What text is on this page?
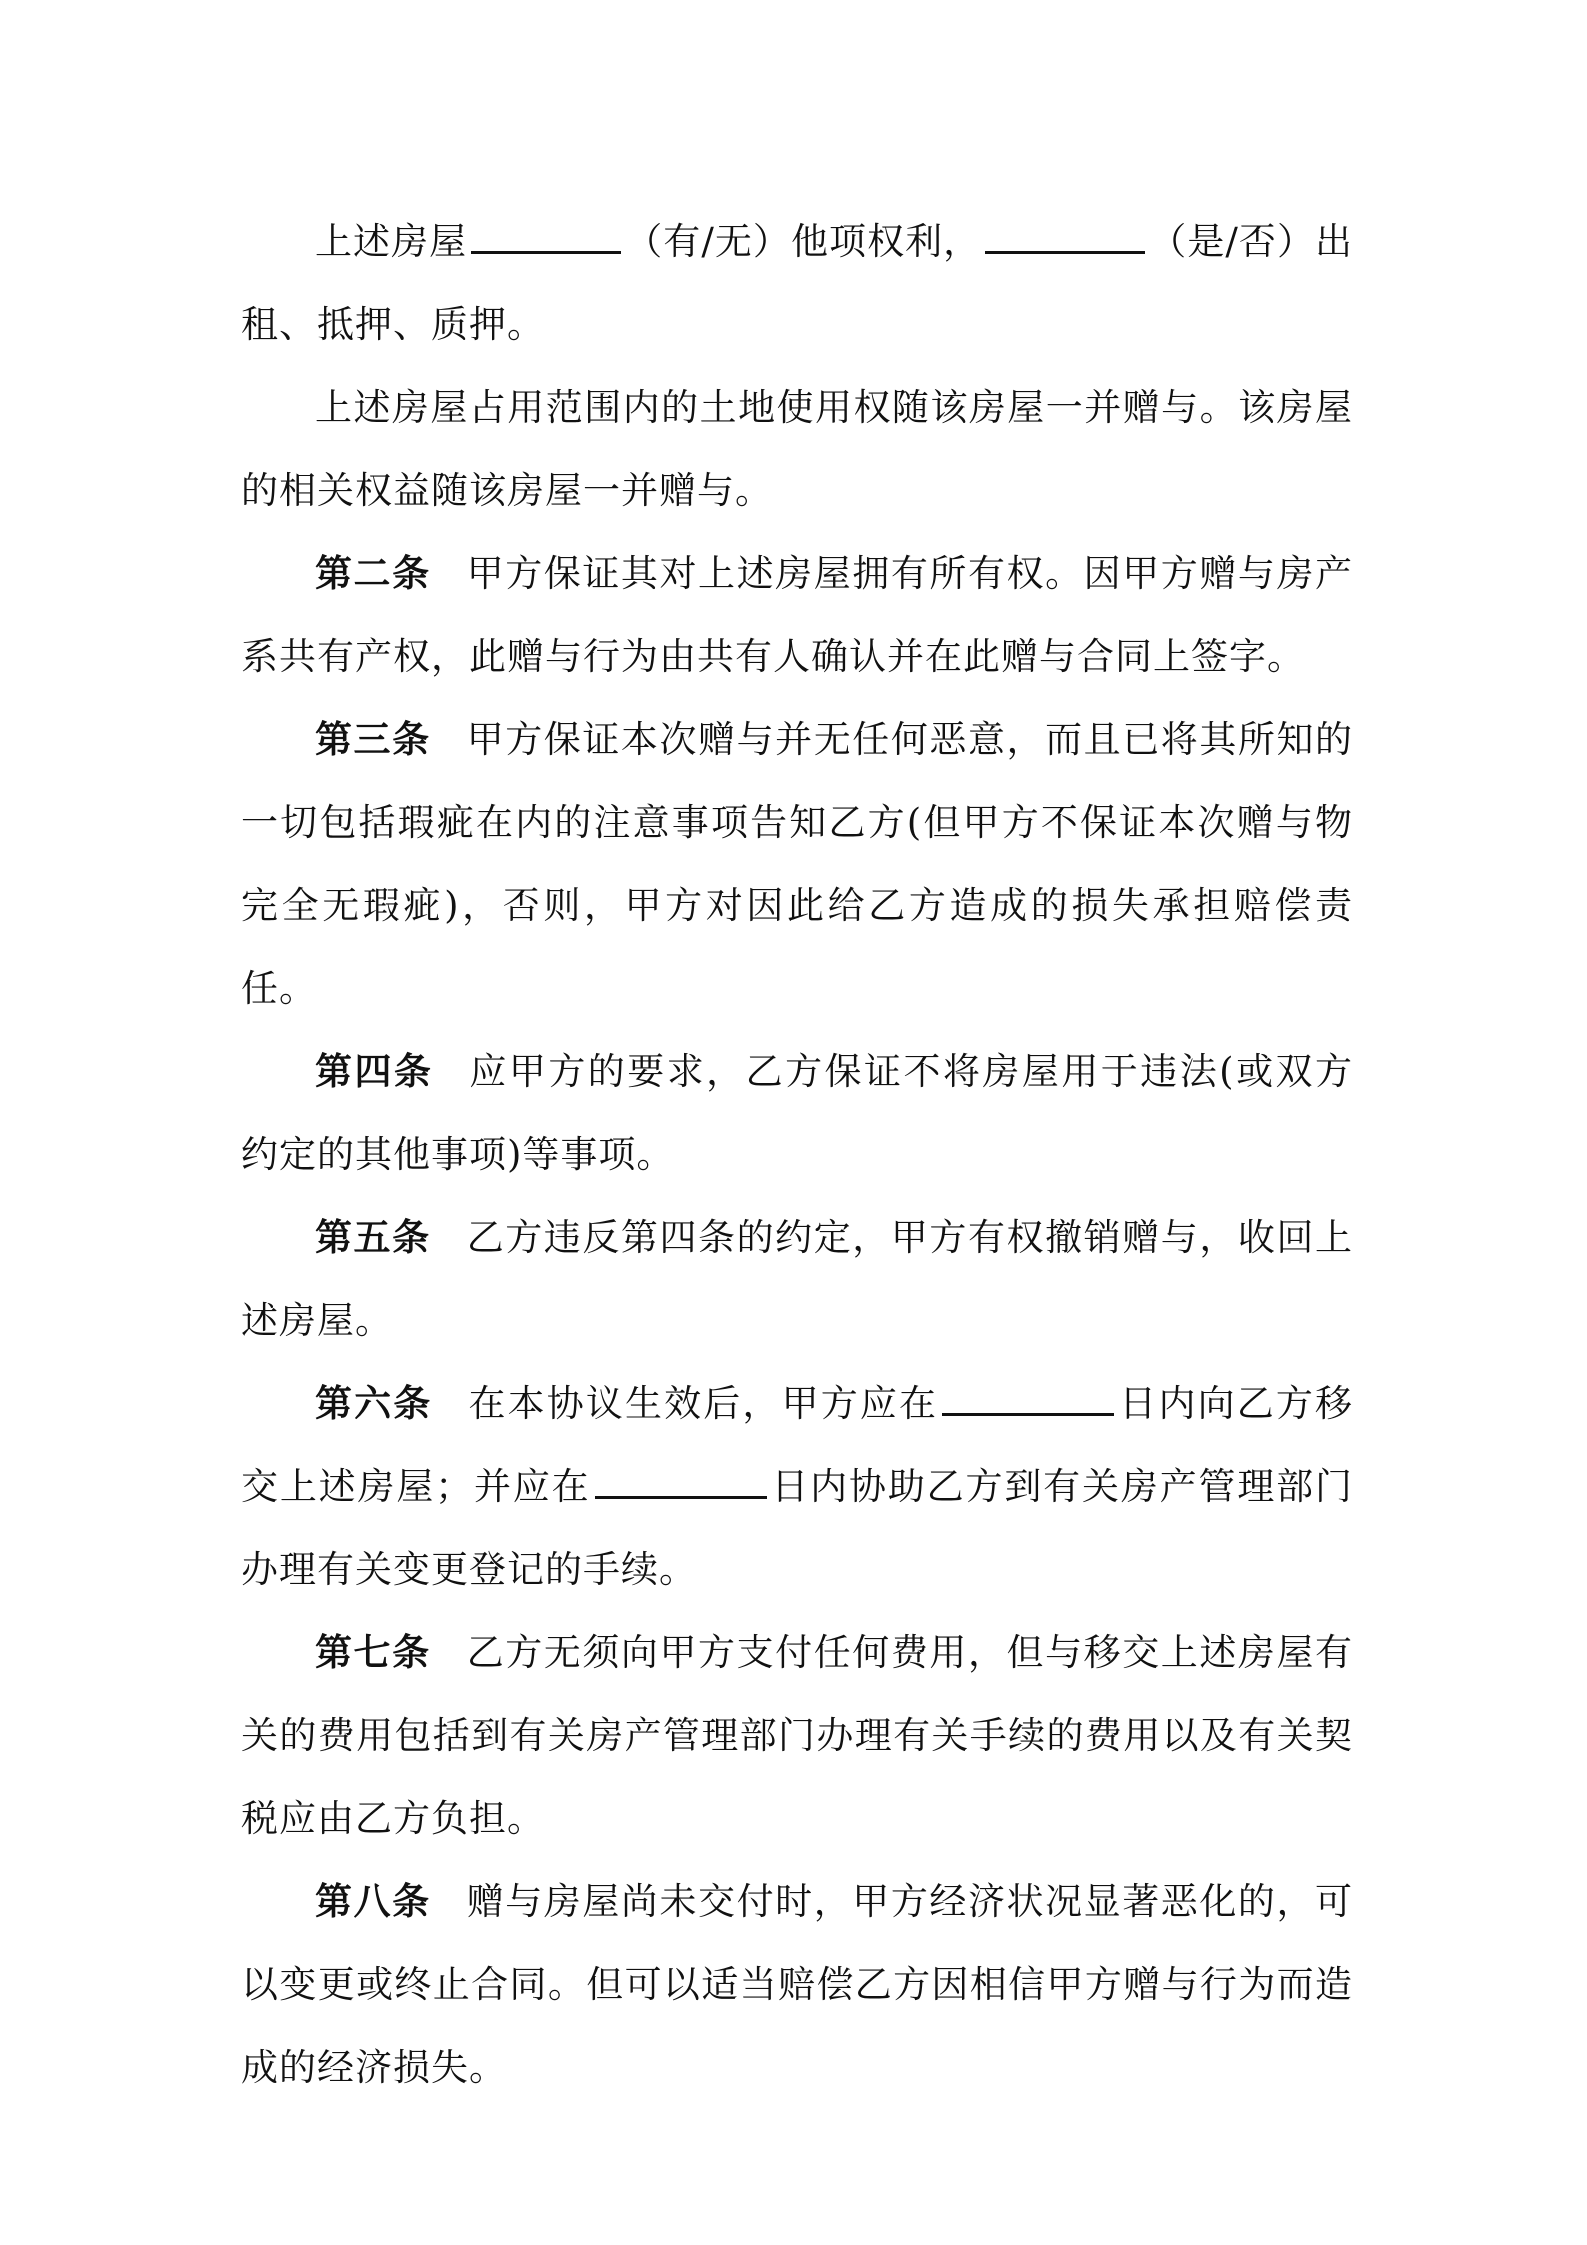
上述房屋	（有/无）他项权利，	（是/否）出租、抵押、质押。

上述房屋占用范围内的土地使用权随该房屋一并赠与。该房屋的相关权益随该房屋一并赠与。

第二条 甲方保证其对上述房屋拥有所有权。因甲方赠与房产系共有产权，此赠与行为由共有人确认并在此赠与合同上签字。

第三条 甲方保证本次赠与并无任何恶意，而且已将其所知的一切包括瑕疵在内的注意事项告知乙方(但甲方不保证本次赠与物完全无瑕疵)，否则，甲方对因此给乙方造成的损失承担赔偿责任。

第四条 应甲方的要求，乙方保证不将房屋用于违法(或双方约定的其他事项)等事项。

第五条 乙方违反第四条的约定，甲方有权撤销赠与，收回上述房屋。

第六条 在本协议生效后，甲方应在	日内向乙方移交上述房屋；并应在	日内协助乙方到有关房产管理部门办理有关变更登记的手续。

第七条 乙方无须向甲方支付任何费用，但与移交上述房屋有关的费用包括到有关房产管理部门办理有关手续的费用以及有关契税应由乙方负担。

第八条 赠与房屋尚未交付时，甲方经济状况显著恶化的，可以变更或终止合同。但可以适当赔偿乙方因相信甲方赠与行为而造成的经济损失。
